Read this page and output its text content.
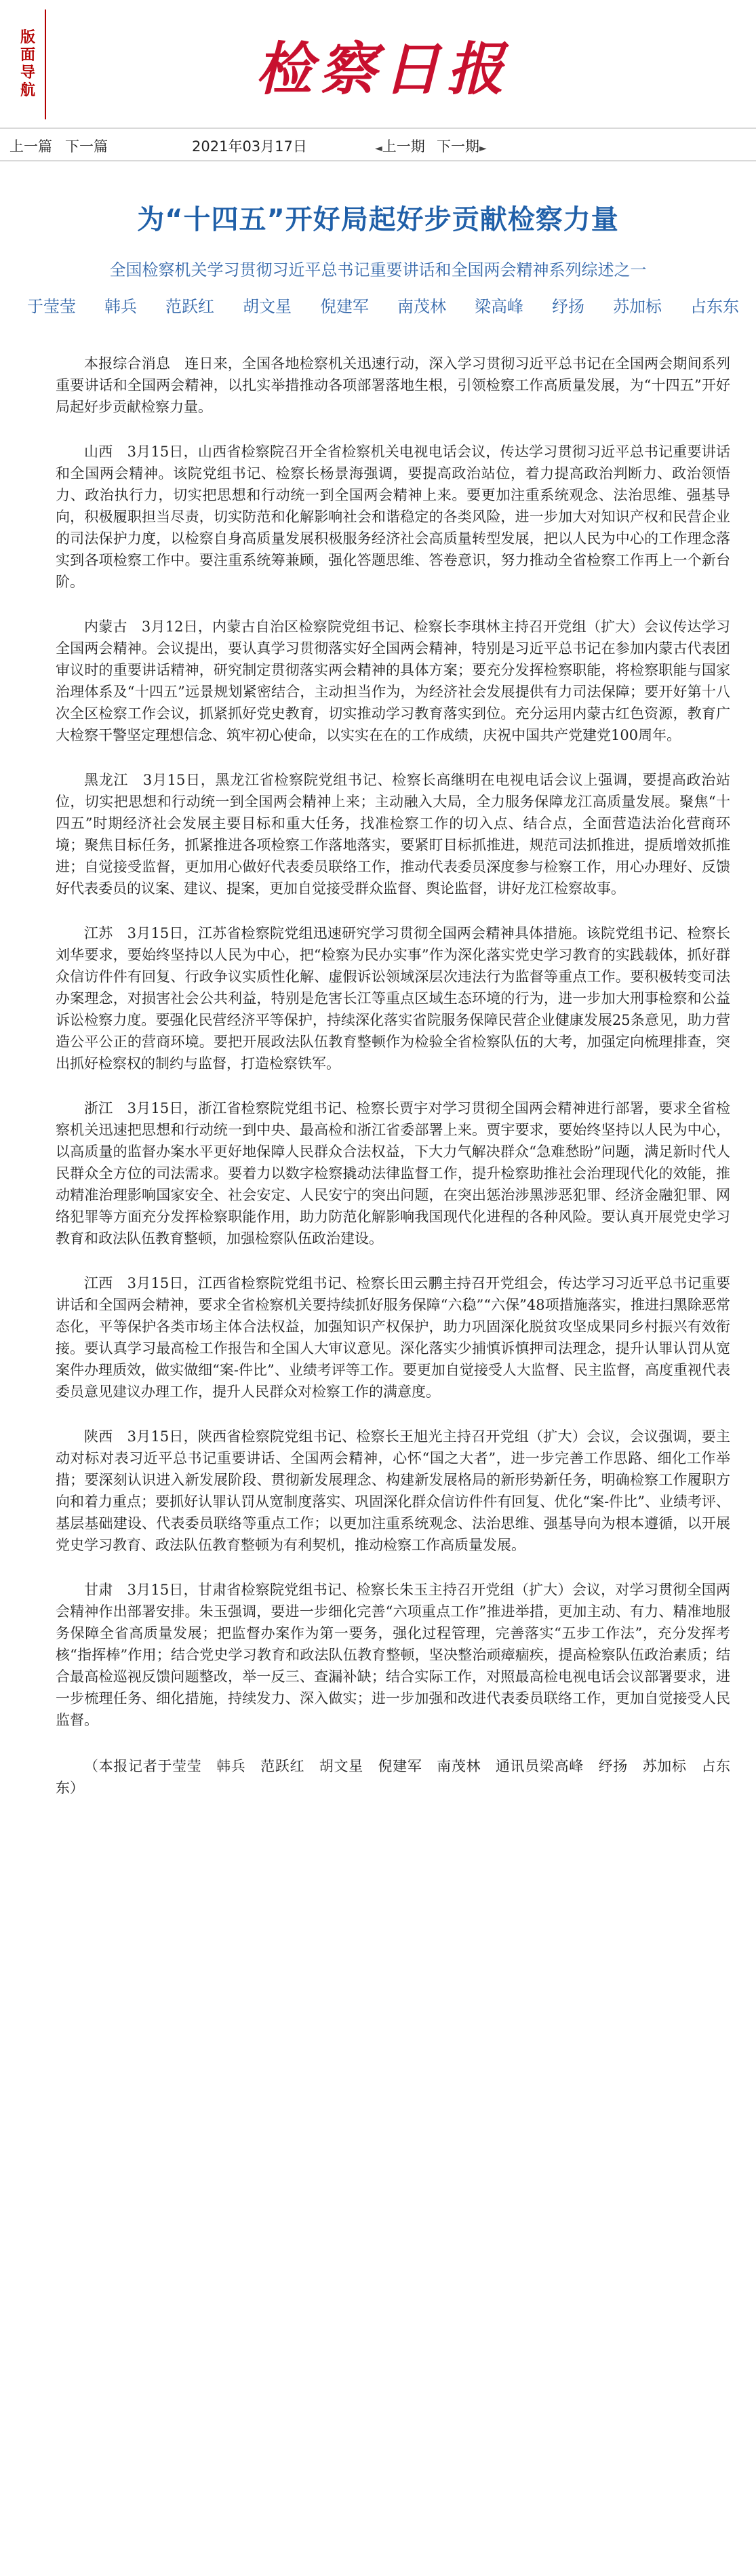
版
面
导
航	检察日报
上一篇 下一篇	2021年03月17日	◄上一期 下一期►
为“十四五”开好局起好步贡献检察力量
全国检察机关学习贯彻习近平总书记重要讲话和全国两会精神系列综述之一
于莹莹 韩兵 范跃红 胡文星 倪建军 南茂林 梁高峰 纾扬 苏加标 占东东

本报综合消息　连日来，全国各地检察机关迅速行动，深入学习贯彻习近平总书记在全国两会期间系列重要讲话和全国两会精神，以扎实举措推动各项部署落地生根，引领检察工作高质量发展，为“十四五”开好局起好步贡献检察力量。

山西　3月15日，山西省检察院召开全省检察机关电视电话会议，传达学习贯彻习近平总书记重要讲话和全国两会精神。该院党组书记、检察长杨景海强调，要提高政治站位，着力提高政治判断力、政治领悟力、政治执行力，切实把思想和行动统一到全国两会精神上来。要更加注重系统观念、法治思维、强基导向，积极履职担当尽责，切实防范和化解影响社会和谐稳定的各类风险，进一步加大对知识产权和民营企业的司法保护力度，以检察自身高质量发展积极服务经济社会高质量转型发展，把以人民为中心的工作理念落实到各项检察工作中。要注重系统筹兼顾，强化答题思维、答卷意识，努力推动全省检察工作再上一个新台阶。

内蒙古　3月12日，内蒙古自治区检察院党组书记、检察长李琪林主持召开党组（扩大）会议传达学习全国两会精神。会议提出，要认真学习贯彻落实好全国两会精神，特别是习近平总书记在参加内蒙古代表团审议时的重要讲话精神，研究制定贯彻落实两会精神的具体方案；要充分发挥检察职能，将检察职能与国家治理体系及“十四五”远景规划紧密结合，主动担当作为，为经济社会发展提供有力司法保障；要开好第十八次全区检察工作会议，抓紧抓好党史教育，切实推动学习教育落实到位。充分运用内蒙古红色资源，教育广大检察干警坚定理想信念、筑牢初心使命，以实实在在的工作成绩，庆祝中国共产党建党100周年。

黑龙江　3月15日，黑龙江省检察院党组书记、检察长高继明在电视电话会议上强调，要提高政治站位，切实把思想和行动统一到全国两会精神上来；主动融入大局，全力服务保障龙江高质量发展。聚焦“十四五”时期经济社会发展主要目标和重大任务，找准检察工作的切入点、结合点，全面营造法治化营商环境；聚焦目标任务，抓紧推进各项检察工作落地落实，要紧盯目标抓推进，规范司法抓推进，提质增效抓推进；自觉接受监督，更加用心做好代表委员联络工作，推动代表委员深度参与检察工作，用心办理好、反馈好代表委员的议案、建议、提案，更加自觉接受群众监督、舆论监督，讲好龙江检察故事。

江苏　3月15日，江苏省检察院党组迅速研究学习贯彻全国两会精神具体措施。该院党组书记、检察长刘华要求，要始终坚持以人民为中心，把“检察为民办实事”作为深化落实党史学习教育的实践载体，抓好群众信访件件有回复、行政争议实质性化解、虚假诉讼领域深层次违法行为监督等重点工作。要积极转变司法办案理念，对损害社会公共利益，特别是危害长江等重点区域生态环境的行为，进一步加大刑事检察和公益诉讼检察力度。要强化民营经济平等保护，持续深化落实省院服务保障民营企业健康发展25条意见，助力营造公平公正的营商环境。要把开展政法队伍教育整顿作为检验全省检察队伍的大考，加强定向梳理排查，突出抓好检察权的制约与监督，打造检察铁军。

浙江　3月15日，浙江省检察院党组书记、检察长贾宇对学习贯彻全国两会精神进行部署，要求全省检察机关迅速把思想和行动统一到中央、最高检和浙江省委部署上来。贾宇要求，要始终坚持以人民为中心，以高质量的监督办案水平更好地保障人民群众合法权益，下大力气解决群众“急难愁盼”问题，满足新时代人民群众全方位的司法需求。要着力以数字检察撬动法律监督工作，提升检察助推社会治理现代化的效能，推动精准治理影响国家安全、社会安定、人民安宁的突出问题，在突出惩治涉黑涉恶犯罪、经济金融犯罪、网络犯罪等方面充分发挥检察职能作用，助力防范化解影响我国现代化进程的各种风险。要认真开展党史学习教育和政法队伍教育整顿，加强检察队伍政治建设。

江西　3月15日，江西省检察院党组书记、检察长田云鹏主持召开党组会，传达学习习近平总书记重要讲话和全国两会精神，要求全省检察机关要持续抓好服务保障“六稳”“六保”48项措施落实，推进扫黑除恶常态化，平等保护各类市场主体合法权益，加强知识产权保护，助力巩固深化脱贫攻坚成果同乡村振兴有效衔接。要认真学习最高检工作报告和全国人大审议意见。深化落实少捕慎诉慎押司法理念，提升认罪认罚从宽案件办理质效，做实做细“案-件比”、业绩考评等工作。要更加自觉接受人大监督、民主监督，高度重视代表委员意见建议办理工作，提升人民群众对检察工作的满意度。

陕西　3月15日，陕西省检察院党组书记、检察长王旭光主持召开党组（扩大）会议，会议强调，要主动对标对表习近平总书记重要讲话、全国两会精神，心怀“国之大者”，进一步完善工作思路、细化工作举措；要深刻认识进入新发展阶段、贯彻新发展理念、构建新发展格局的新形势新任务，明确检察工作履职方向和着力重点；要抓好认罪认罚从宽制度落实、巩固深化群众信访件件有回复、优化“案-件比”、业绩考评、基层基础建设、代表委员联络等重点工作；以更加注重系统观念、法治思维、强基导向为根本遵循，以开展党史学习教育、政法队伍教育整顿为有利契机，推动检察工作高质量发展。

甘肃　3月15日，甘肃省检察院党组书记、检察长朱玉主持召开党组（扩大）会议，对学习贯彻全国两会精神作出部署安排。朱玉强调，要进一步细化完善“六项重点工作”推进举措，更加主动、有力、精准地服务保障全省高质量发展；把监督办案作为第一要务，强化过程管理，完善落实“五步工作法”，充分发挥考核“指挥棒”作用；结合党史学习教育和政法队伍教育整顿，坚决整治顽瘴痼疾，提高检察队伍政治素质；结合最高检巡视反馈问题整改，举一反三、查漏补缺；结合实际工作，对照最高检电视电话会议部署要求，进一步梳理任务、细化措施，持续发力、深入做实；进一步加强和改进代表委员联络工作，更加自觉接受人民监督。

（本报记者于莹莹　韩兵　范跃红　胡文星　倪建军　南茂林　通讯员梁高峰　纾扬　苏加标　占东东）
